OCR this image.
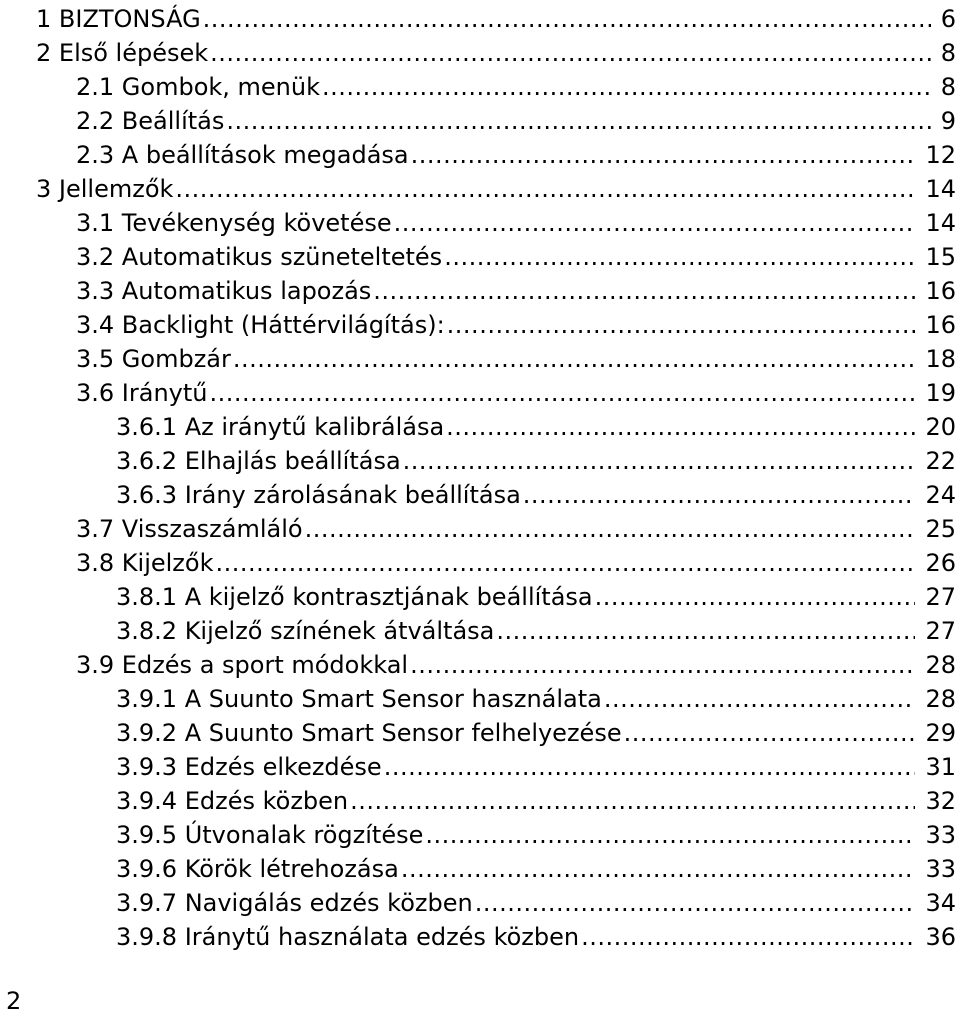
1 BIZTONSÁG .....	6
2 Első lépések .....	8
2.1 Gombok, menük .....	8
2.2 Beállítás .....	9
2.3 A beállítások megadása .....	12
3 Jellemzők .....	14
3.1 Tevékenység követése .....	14
3.2 Automatikus szüneteltetés .....	15
3.3 Automatikus lapozás .....	16
3.4 Backlight (Háttérvilágítás): .....	16
3.5 Gombzár .....	18
3.6 Iránytű .....	19
3.6.1 Az iránytű kalibrálása .....	20
3.6.2 Elhajlás beállítása .....	22
3.6.3 Irány zárolásának beállítása .....	24
3.7 Visszaszámláló .....	25
3.8 Kijelzők .....	26
3.8.1 A kijelző kontrasztjának beállítása .....	27
3.8.2 Kijelző színének átváltása .....	27
3.9 Edzés a sport módokkal .....	28
3.9.1 A Suunto Smart Sensor használata .....	28
3.9.2 A Suunto Smart Sensor felhelyezése .....	29
3.9.3 Edzés elkezdése .....	31
3.9.4 Edzés közben .....	32
3.9.5 Útvonalak rögzítése .....	33
3.9.6 Körök létrehozása .....	33
3.9.7 Navigálás edzés közben .....	34
3.9.8 Iránytű használata edzés közben .....	36
2
